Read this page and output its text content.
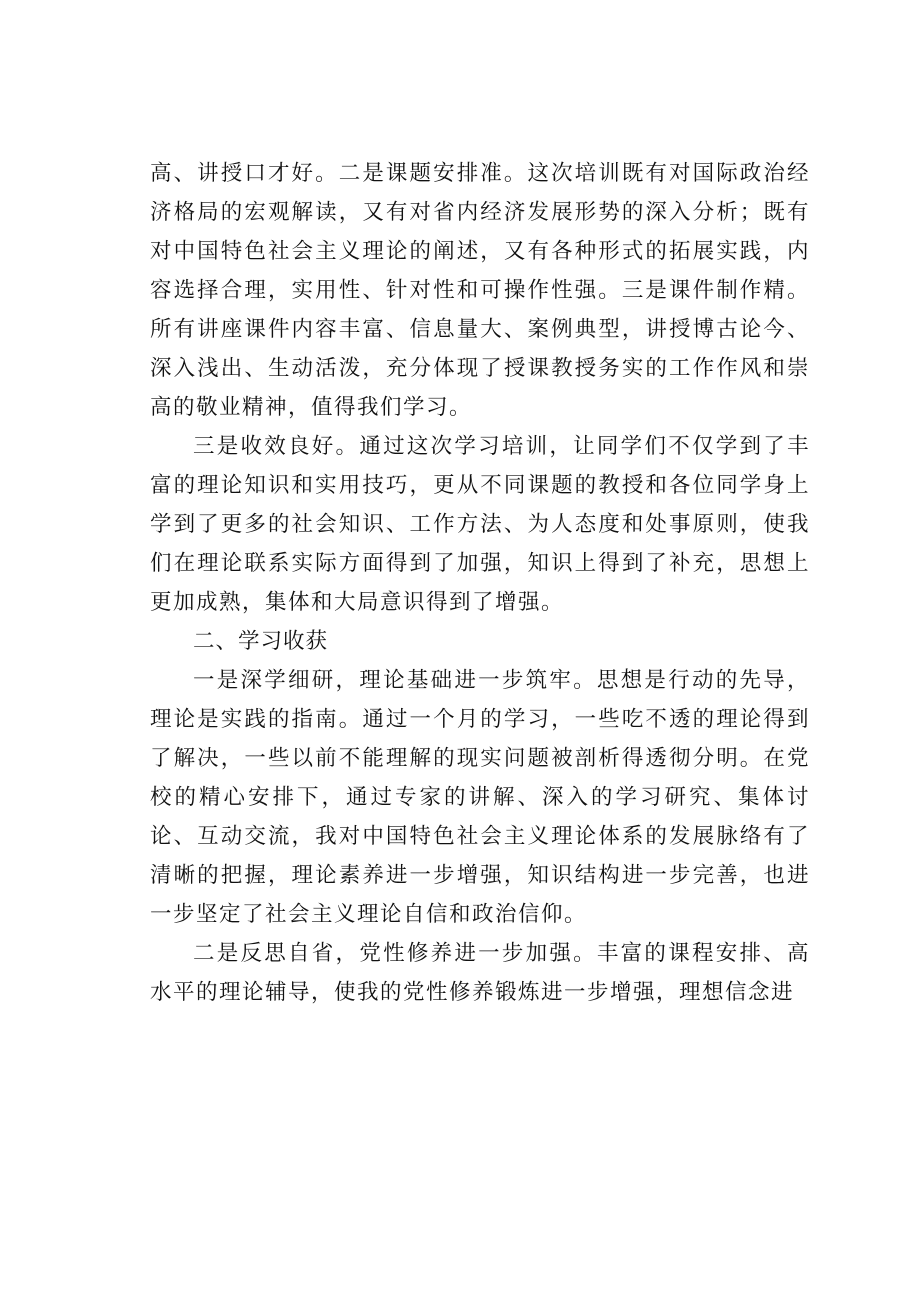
高、讲授口才好。二是课题安排准。这次培训既有对国际政治经济格局的宏观解读，又有对省内经济发展形势的深入分析；既有对中国特色社会主义理论的阐述，又有各种形式的拓展实践，内容选择合理，实用性、针对性和可操作性强。三是课件制作精。所有讲座课件内容丰富、信息量大、案例典型，讲授博古论今、深入浅出、生动活泼，充分体现了授课教授务实的工作作风和崇高的敬业精神，值得我们学习。

三是收效良好。通过这次学习培训，让同学们不仅学到了丰富的理论知识和实用技巧，更从不同课题的教授和各位同学身上学到了更多的社会知识、工作方法、为人态度和处事原则，使我们在理论联系实际方面得到了加强，知识上得到了补充，思想上更加成熟，集体和大局意识得到了增强。

二、学习收获

一是深学细研，理论基础进一步筑牢。思想是行动的先导，理论是实践的指南。通过一个月的学习，一些吃不透的理论得到了解决，一些以前不能理解的现实问题被剖析得透彻分明。在党校的精心安排下，通过专家的讲解、深入的学习研究、集体讨论、互动交流，我对中国特色社会主义理论体系的发展脉络有了清晰的把握，理论素养进一步增强，知识结构进一步完善，也进一步坚定了社会主义理论自信和政治信仰。

二是反思自省，党性修养进一步加强。丰富的课程安排、高水平的理论辅导，使我的党性修养锻炼进一步增强，理想信念进
